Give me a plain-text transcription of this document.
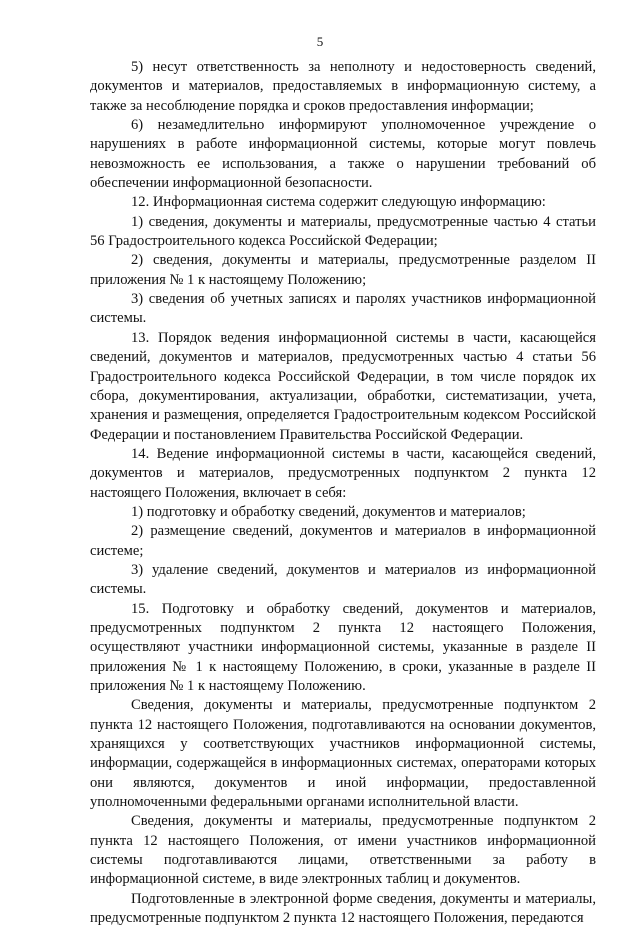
5

5) несут ответственность за неполноту и недостоверность сведений, документов и материалов, предоставляемых в информационную систему, а также за несоблюдение порядка и сроков предоставления информации;

6) незамедлительно информируют уполномоченное учреждение о нарушениях в работе информационной системы, которые могут повлечь невозможность ее использования, а также о нарушении требований об обеспечении информационной безопасности.

12. Информационная система содержит следующую информацию:

1) сведения, документы и материалы, предусмотренные частью 4 статьи 56 Градостроительного кодекса Российской Федерации;

2) сведения, документы и материалы, предусмотренные разделом II приложения № 1 к настоящему Положению;

3) сведения об учетных записях и паролях участников информационной системы.

13. Порядок ведения информационной системы в части, касающейся сведений, документов и материалов, предусмотренных частью 4 статьи 56 Градостроительного кодекса Российской Федерации, в том числе порядок их сбора, документирования, актуализации, обработки, систематизации, учета, хранения и размещения, определяется Градостроительным кодексом Российской Федерации и постановлением Правительства Российской Федерации.

14. Ведение информационной системы в части, касающейся сведений, документов и материалов, предусмотренных подпунктом 2 пункта 12 настоящего Положения, включает в себя:

1) подготовку и обработку сведений, документов и материалов;

2) размещение сведений, документов и материалов в информационной системе;

3) удаление сведений, документов и материалов из информационной системы.

15. Подготовку и обработку сведений, документов и материалов, предусмотренных подпунктом 2 пункта 12 настоящего Положения, осуществляют участники информационной системы, указанные в разделе II приложения № 1 к настоящему Положению, в сроки, указанные в разделе II приложения № 1 к настоящему Положению.

Сведения, документы и материалы, предусмотренные подпунктом 2 пункта 12 настоящего Положения, подготавливаются на основании документов, хранящихся у соответствующих участников информационной системы, информации, содержащейся в информационных системах, операторами которых они являются, документов и иной информации, предоставленной уполномоченными федеральными органами исполнительной власти.

Сведения, документы и материалы, предусмотренные подпунктом 2 пункта 12 настоящего Положения, от имени участников информационной системы подготавливаются лицами, ответственными за работу в информационной системе, в виде электронных таблиц и документов.

Подготовленные в электронной форме сведения, документы и материалы, предусмотренные подпунктом 2 пункта 12 настоящего Положения, передаются
